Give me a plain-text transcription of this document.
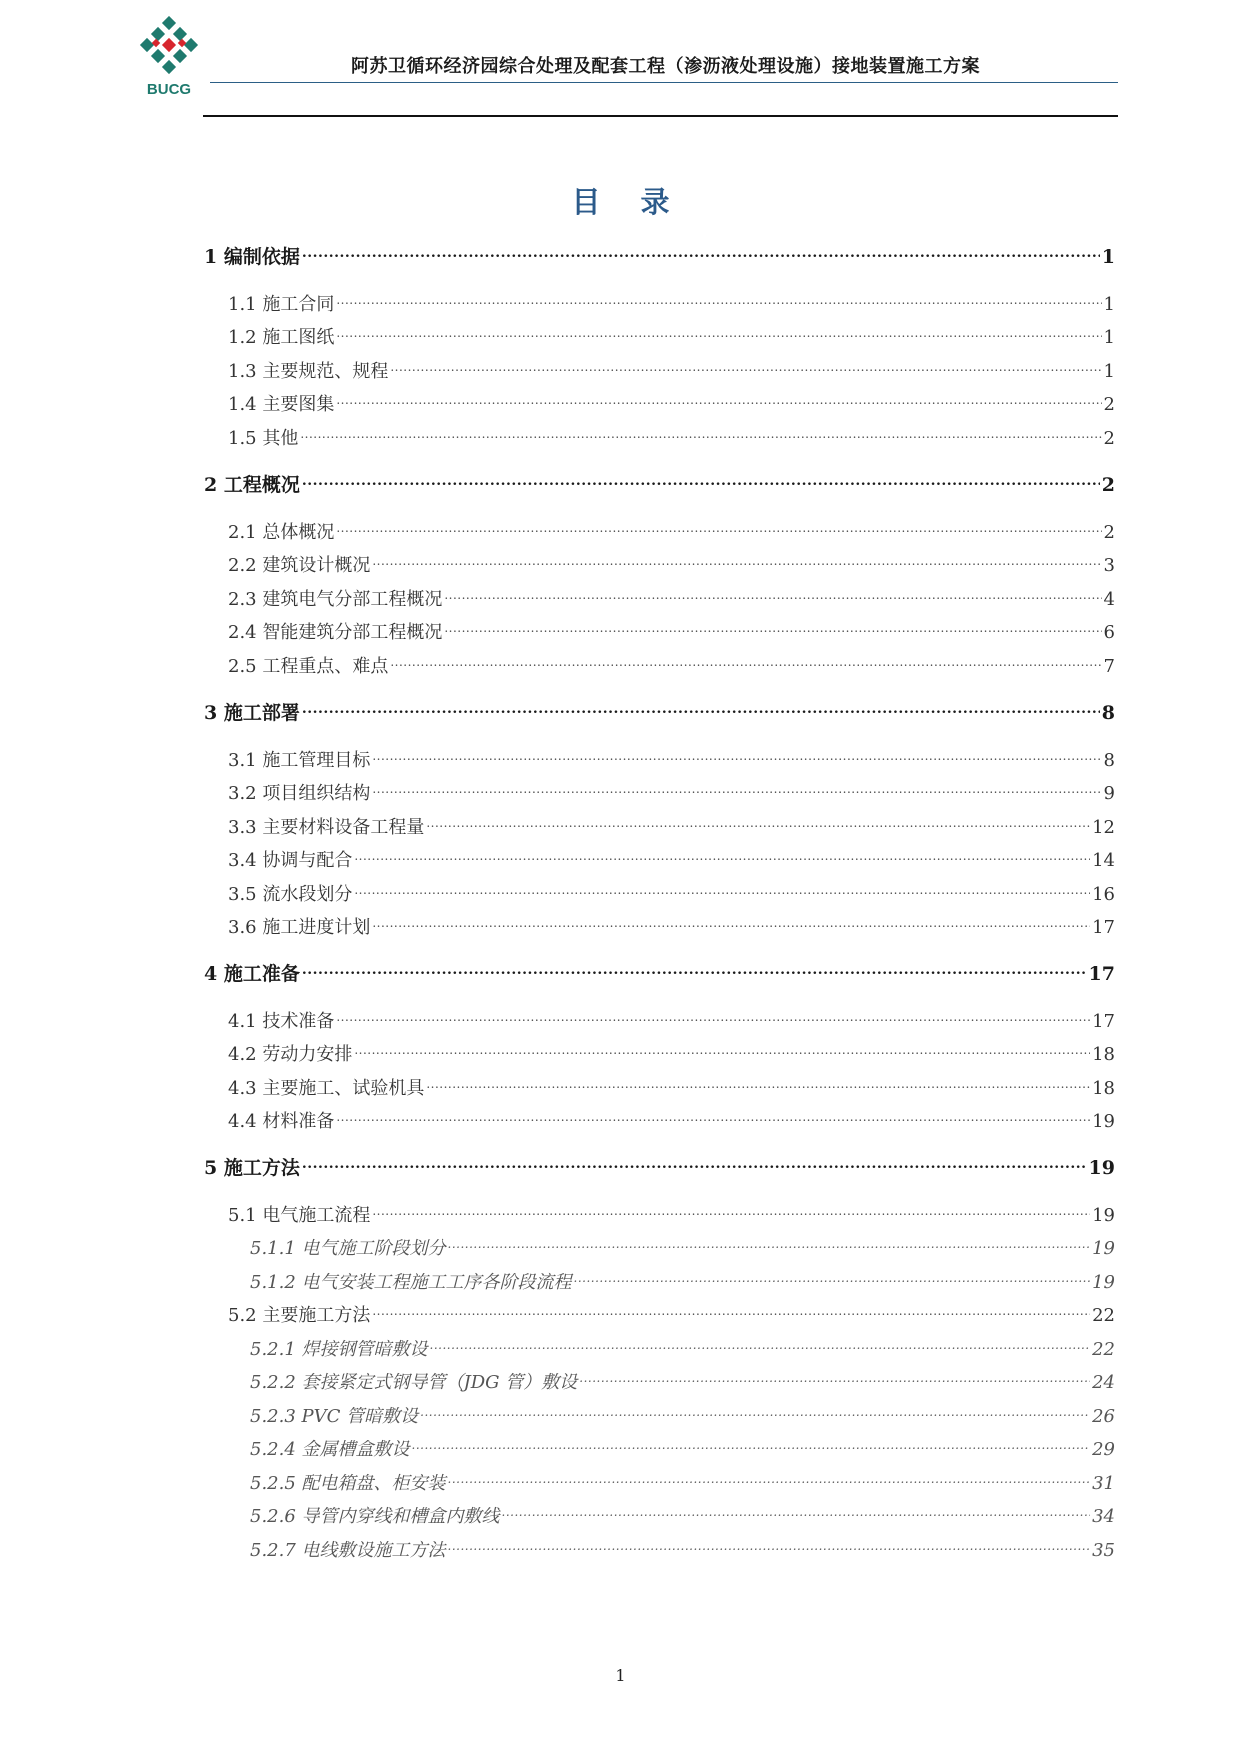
BUCG
阿苏卫循环经济园综合处理及配套工程（渗沥液处理设施）接地装置施工方案
目录
1 编制依据 .....	1
1.1 施工合同 .....	1
1.2 施工图纸 .....	1
1.3 主要规范、规程 .....	1
1.4 主要图集 .....	2
1.5 其他 .....	2
2 工程概况 .....	2
2.1 总体概况 .....	2
2.2 建筑设计概况 .....	3
2.3 建筑电气分部工程概况 .....	4
2.4 智能建筑分部工程概况 .....	6
2.5 工程重点、难点 .....	7
3 施工部署 .....	8
3.1 施工管理目标 .....	8
3.2 项目组织结构 .....	9
3.3 主要材料设备工程量 .....	12
3.4 协调与配合 .....	14
3.5 流水段划分 .....	16
3.6 施工进度计划 .....	17
4 施工准备 .....	17
4.1 技术准备 .....	17
4.2 劳动力安排 .....	18
4.3 主要施工、试验机具 .....	18
4.4 材料准备 .....	19
5 施工方法 .....	19
5.1 电气施工流程 .....	19
5.1.1 电气施工阶段划分 .....	19
5.1.2 电气安装工程施工工序各阶段流程 .....	19
5.2 主要施工方法 .....	22
5.2.1 焊接钢管暗敷设 .....	22
5.2.2 套接紧定式钢导管（JDG 管）敷设 .....	24
5.2.3 PVC 管暗敷设 .....	26
5.2.4 金属槽盒敷设 .....	29
5.2.5 配电箱盘、柜安装 .....	31
5.2.6 导管内穿线和槽盒内敷线 .....	34
5.2.7 电线敷设施工方法 .....	35
1
